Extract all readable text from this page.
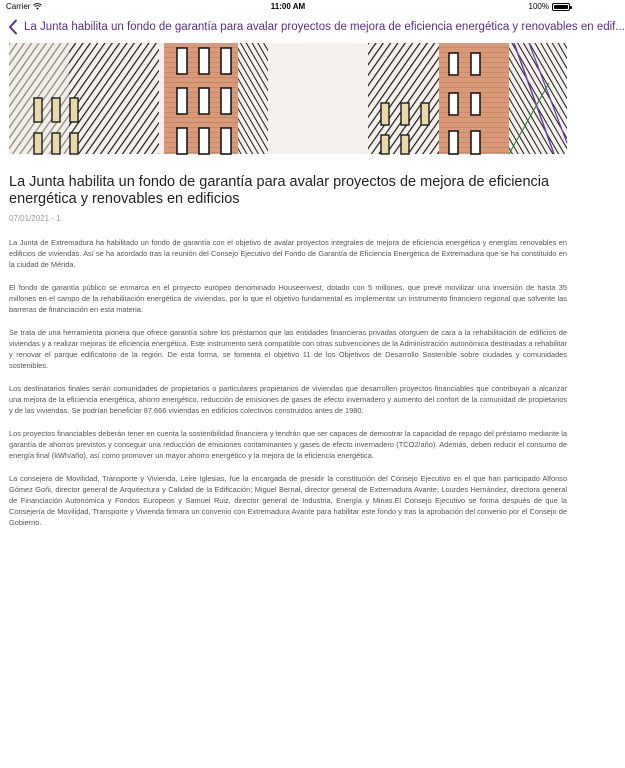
Carrier	11:00 AM	100%
La Junta habilita un fondo de garantía para avalar proyectos de mejora de eficiencia energética y renovables en edif...
La Junta habilita un fondo de garantía para avalar proyectos de mejora de eficiencia energética y renovables en edificios
07/01/2021 - 1

La Junta de Extremadura ha habilitado un fondo de garantía con el objetivo de avalar proyectos integrales de mejora de eficiencia energética y energías renovables en edificios de viviendas. Así se ha acordado tras la reunión del Consejo Ejecutivo del Fondo de Garantía de Eficiencia Energética de Extremadura que se ha constituido en la ciudad de Mérida.

El fondo de garantía público se enmarca en el proyecto europeo denominado Houseenvest, dotado con 5 millones, que prevé movilizar una inversión de hasta 35 millones en el campo de la rehabilitación energética de viviendas, por lo que el objetivo fundamental es implementar un instrumento financiero regional que solvente las barreras de financiación en esta materia.

Se trata de una herramienta pionera que ofrece garantía sobre los préstamos que las entidades financieras privadas otorguen de cara a la rehabilitación de edificios de viviendas y a realizar mejoras de eficiencia energética. Este instrumento será compatible con otras subvenciones de la Administración autonómica destinadas a rehabilitar y renovar el parque edificatorio de la región. De esta forma, se fomenta el objetivo 11 de los Objetivos de Desarrollo Sostenible sobre ciudades y comunidades sostenibles.

Los destinatarios finales serán comunidades de propietarios o particulares propietarios de viviendas que desarrollen proyectos financiables que contribuyan a alcanzar una mejora de la eficiencia energética, ahorro energético, reducción de emisiones de gases de efecto invernadero y aumento del confort de la comunidad de propietarios y de las viviendas. Se podrían beneficiar 87.666 viviendas en edificios colectivos construidos antes de 1980.

Los proyectos financiables deberán tener en cuenta la sostenibilidad financiera y tendrán que ser capaces de demostrar la capacidad de repago del préstamo mediante la garantía de ahorros previstos y conseguir una reducción de emisiones contaminantes y gases de efecto invernadero (TCO2/año). Además, deben reducir el consumo de energía final (kWh/año), así como promover un mayor ahorro energético y la mejora de la eficiencia energética.

La consejera de Movilidad, Transporte y Vivienda, Leire Iglesias, fue la encargada de presidir la constitución del Consejo Ejecutivo en el que han participado Alfonso Gómez Goñi, director general de Arquitectura y Calidad de la Edificación; Miguel Bernal, director general de Extremadura Avante; Lourdes Hernández, directora general de Financiación Autonómica y Fondos Europeos y Samuel Ruiz, director general de Industria, Energía y Minas.El Consejo Ejecutivo se forma después de que la Consejería de Movilidad, Transporte y Vivienda firmara un convenio con Extremadura Avante para habilitar este fondo y tras la aprobación del convenio por el Consejo de Gobierno.
